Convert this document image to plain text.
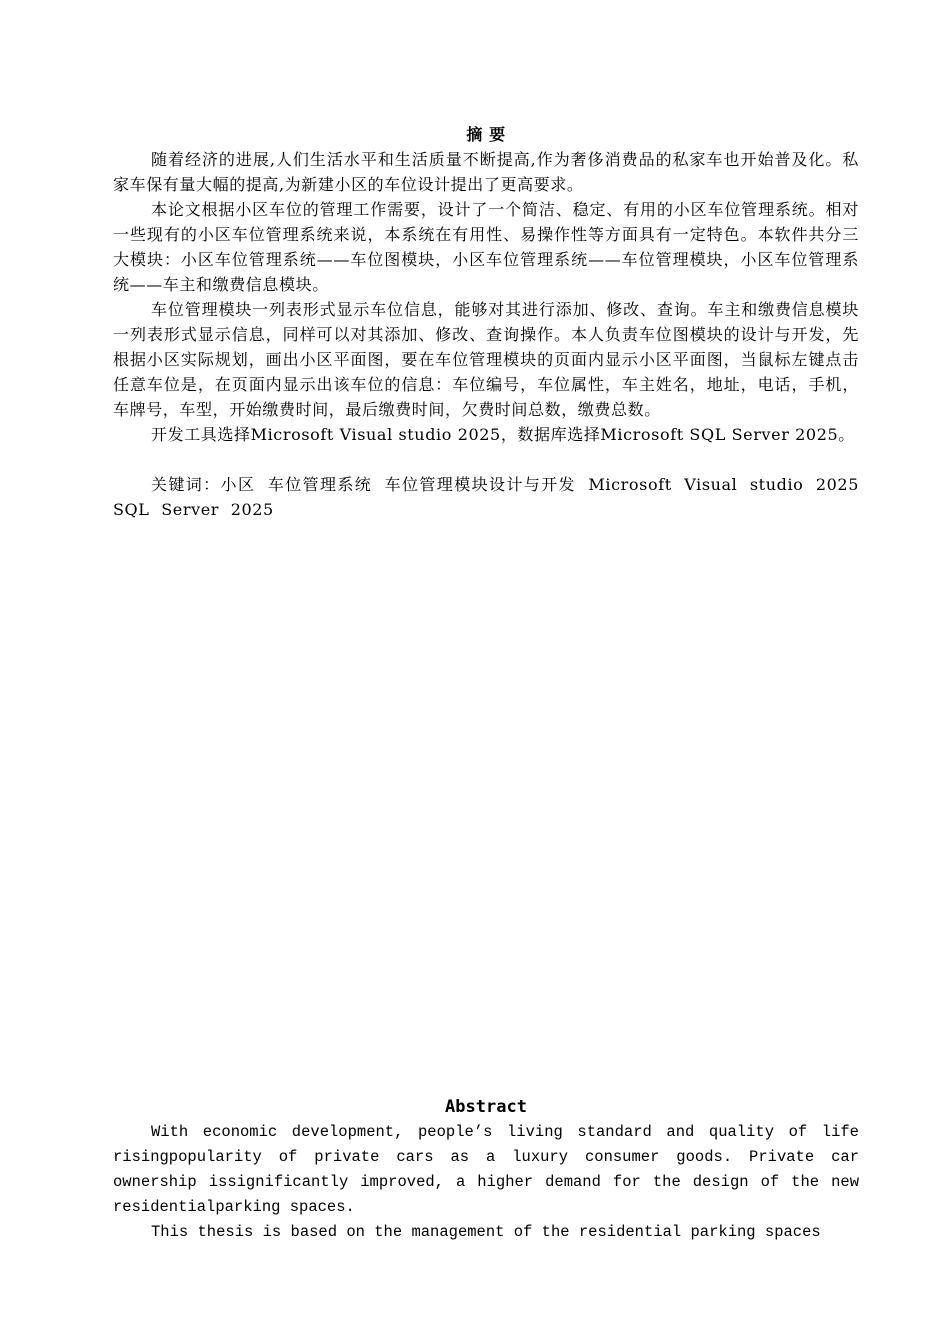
摘 要

随着经济的进展,人们生活水平和生活质量不断提高,作为奢侈消费品的私家车也开始普及化。私家车保有量大幅的提高,为新建小区的车位设计提出了更高要求。

本论文根据小区车位的管理工作需要，设计了一个简洁、稳定、有用的小区车位管理系统。相对一些现有的小区车位管理系统来说，本系统在有用性、易操作性等方面具有一定特色。本软件共分三大模块：小区车位管理系统——车位图模块，小区车位管理系统——车位管理模块，小区车位管理系统——车主和缴费信息模块。

车位管理模块一列表形式显示车位信息，能够对其进行添加、修改、查询。车主和缴费信息模块一列表形式显示信息，同样可以对其添加、修改、查询操作。本人负责车位图模块的设计与开发，先根据小区实际规划，画出小区平面图，要在车位管理模块的页面内显示小区平面图，当鼠标左键点击任意车位是，在页面内显示出该车位的信息：车位编号，车位属性，车主姓名，地址，电话，手机，车牌号，车型，开始缴费时间，最后缴费时间，欠费时间总数，缴费总数。

开发工具选择Microsoft Visual studio 2025，数据库选择Microsoft SQL Server 2025。

关键词：小区 车位管理系统 车位管理模块设计与开发 Microsoft Visual studio 2025 SQL Server 2025

Abstract

With economic development, people’s living standard and quality of life risingpopularity of private cars as a luxury consumer goods. Private car ownership issignificantly improved, a higher demand for the design of the new residentialparking spaces.

This thesis is based on the management of the residential parking spaces
